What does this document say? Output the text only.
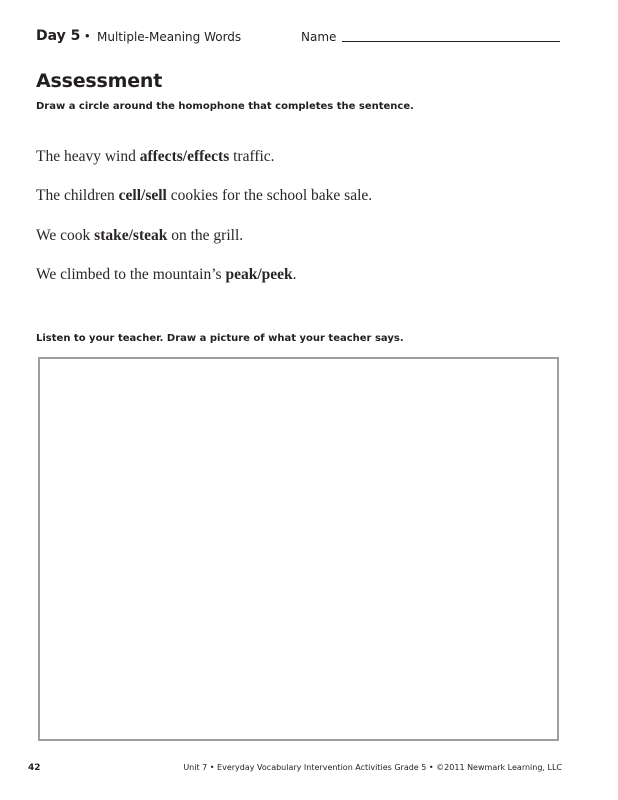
Day 5 • Multiple-Meaning Words	Name
Assessment
Draw a circle around the homophone that completes the sentence.
The heavy wind affects/effects traffic.
The children cell/sell cookies for the school bake sale.
We cook stake/steak on the grill.
We climbed to the mountain’s peak/peek.
Listen to your teacher. Draw a picture of what your teacher says.
42	Unit 7 • Everyday Vocabulary Intervention Activities Grade 5 • ©2011 Newmark Learning, LLC
